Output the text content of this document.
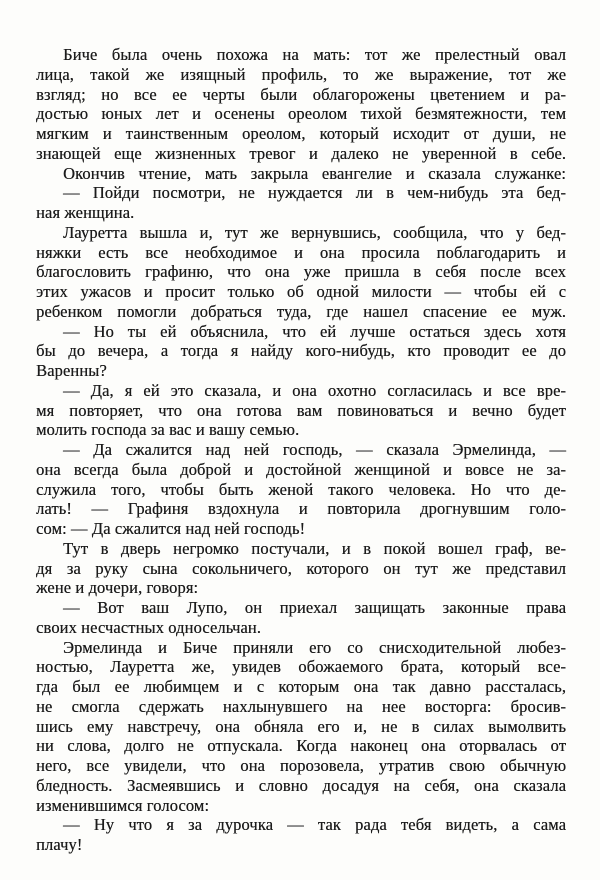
Биче была очень похожа на мать: тот же прелестный овал
лица, такой же изящный профиль, то же выражение, тот же
взгляд; но все ее черты были облагорожены цветением и ра-
достью юных лет и осенены ореолом тихой безмятежности, тем
мягким и таинственным ореолом, который исходит от души, не
знающей еще жизненных тревог и далеко не уверенной в себе.
Окончив чтение, мать закрыла евангелие и сказала служанке:
— Пойди посмотри, не нуждается ли в чем-нибудь эта бед-
ная женщина.
Лауретта вышла и, тут же вернувшись, сообщила, что у бед-
няжки есть все необходимое и она просила поблагодарить и
благословить графиню, что она уже пришла в себя после всех
этих ужасов и просит только об одной милости — чтобы ей с
ребенком помогли добраться туда, где нашел спасение ее муж.
— Но ты ей объяснила, что ей лучше остаться здесь хотя
бы до вечера, а тогда я найду кого-нибудь, кто проводит ее до
Варенны?
— Да, я ей это сказала, и она охотно согласилась и все вре-
мя повторяет, что она готова вам повиноваться и вечно будет
молить господа за вас и вашу семью.
— Да сжалится над ней господь, — сказала Эрмелинда, —
она всегда была доброй и достойной женщиной и вовсе не за-
служила того, чтобы быть женой такого человека. Но что де-
лать! — Графиня вздохнула и повторила дрогнувшим голо-
сом: — Да сжалится над ней господь!
Тут в дверь негромко постучали, и в покой вошел граф, ве-
дя за руку сына сокольничего, которого он тут же представил
жене и дочери, говоря:
— Вот ваш Лупо, он приехал защищать законные права
своих несчастных односельчан.
Эрмелинда и Биче приняли его со снисходительной любез-
ностью, Лауретта же, увидев обожаемого брата, который все-
гда был ее любимцем и с которым она так давно рассталась,
не смогла сдержать нахлынувшего на нее восторга: бросив-
шись ему навстречу, она обняла его и, не в силах вымолвить
ни слова, долго не отпускала. Когда наконец она оторвалась от
него, все увидели, что она порозовела, утратив свою обычную
бледность. Засмеявшись и словно досадуя на себя, она сказала
изменившимся голосом:
— Ну что я за дурочка — так рада тебя видеть, а сама
плачу!
